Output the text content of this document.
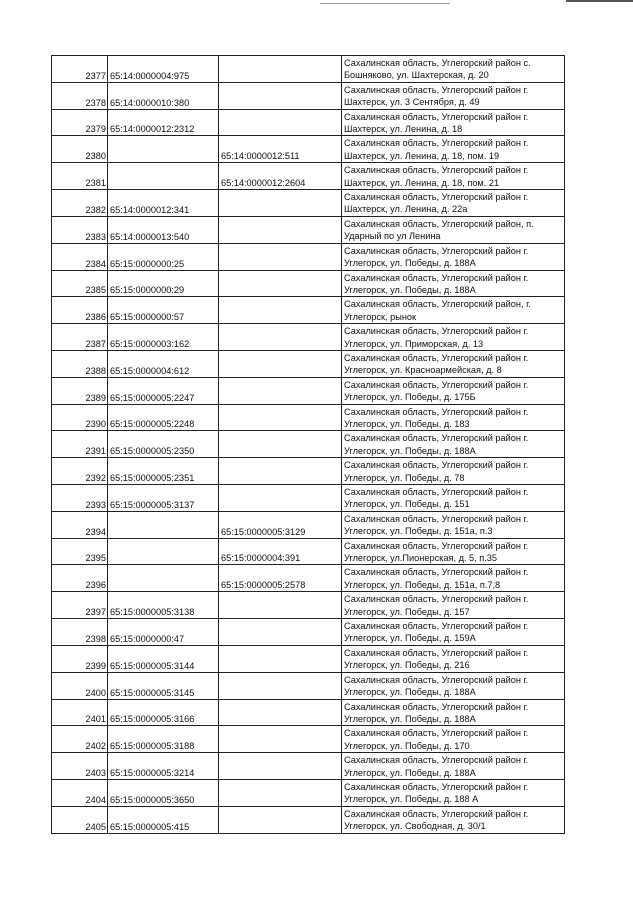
2377	65:14:0000004:975		Сахалинская область, Углегорский район с. Бошняково, ул. Шахтерская, д. 20
2378	65:14:0000010:380		Сахалинская область, Углегорский район г. Шахтерск, ул. 3 Сентября, д. 49
2379	65:14:0000012:2312		Сахалинская область, Углегорский район г. Шахтерск, ул. Ленина, д. 18
2380		65:14:0000012:511	Сахалинская область, Углегорский район г. Шахтерск, ул. Ленина, д. 18, пом. 19
2381		65:14:0000012:2604	Сахалинская область, Углегорский район г. Шахтерск, ул. Ленина, д. 18, пом. 21
2382	65:14:0000012:341		Сахалинская область, Углегорский район г. Шахтерск, ул. Ленина, д. 22а
2383	65:14:0000013:540		Сахалинская область, Углегорский район, п. Ударный по ул Ленина
2384	65:15:0000000:25		Сахалинская область, Углегорский район г. Углегорск, ул. Победы, д. 188А
2385	65:15:0000000:29		Сахалинская область, Углегорский район г. Углегорск, ул. Победы, д. 188А
2386	65:15:0000000:57		Сахалинская область, Углегорский район, г. Углегорск, рынок
2387	65:15:0000003:162		Сахалинская область, Углегорский район г. Углегорск, ул. Приморская, д. 13
2388	65:15:0000004:612		Сахалинская область, Углегорский район г. Углегорск, ул. Красноармейская, д. 8
2389	65:15:0000005:2247		Сахалинская область, Углегорский район г. Углегорск, ул. Победы, д. 175Б
2390	65:15:0000005:2248		Сахалинская область, Углегорский район г. Углегорск, ул. Победы, д. 183
2391	65:15:0000005:2350		Сахалинская область, Углегорский район г. Углегорск, ул. Победы, д. 188А
2392	65:15:0000005:2351		Сахалинская область, Углегорский район г. Углегорск, ул. Победы, д. 78
2393	65:15:0000005:3137		Сахалинская область, Углегорский район г. Углегорск, ул. Победы, д. 151
2394		65:15:0000005:3129	Сахалинская область, Углегорский район г. Углегорск, ул. Победы, д. 151а, п.3
2395		65:15:0000004:391	Сахалинская область, Углегорский район г. Углегорск, ул.Пионерская, д. 5, п.35
2396		65:15:0000005:2578	Сахалинская область, Углегорский район г. Углегорск, ул. Победы, д. 151а, п.7,8
2397	65:15:0000005:3138		Сахалинская область, Углегорский район г. Углегорск, ул. Победы, д. 157
2398	65:15:0000000:47		Сахалинская область, Углегорский район г. Углегорск, ул. Победы, д. 159А
2399	65:15:0000005:3144		Сахалинская область, Углегорский район г. Углегорск, ул. Победы, д. 216
2400	65:15:0000005:3145		Сахалинская область, Углегорский район г. Углегорск, ул. Победы, д. 188А
2401	65:15:0000005:3166		Сахалинская область, Углегорский район г. Углегорск, ул. Победы, д. 188А
2402	65:15:0000005:3188		Сахалинская область, Углегорский район г. Углегорск, ул. Победы, д. 170
2403	65:15:0000005:3214		Сахалинская область, Углегорский район г. Углегорск, ул. Победы, д. 188А
2404	65:15:0000005:3650		Сахалинская область, Углегорский район г. Углегорск, ул. Победы, д. 188 А
2405	65:15:0000005:415		Сахалинская область, Углегорский район г. Углегорск, ул. Свободная, д. 30/1
